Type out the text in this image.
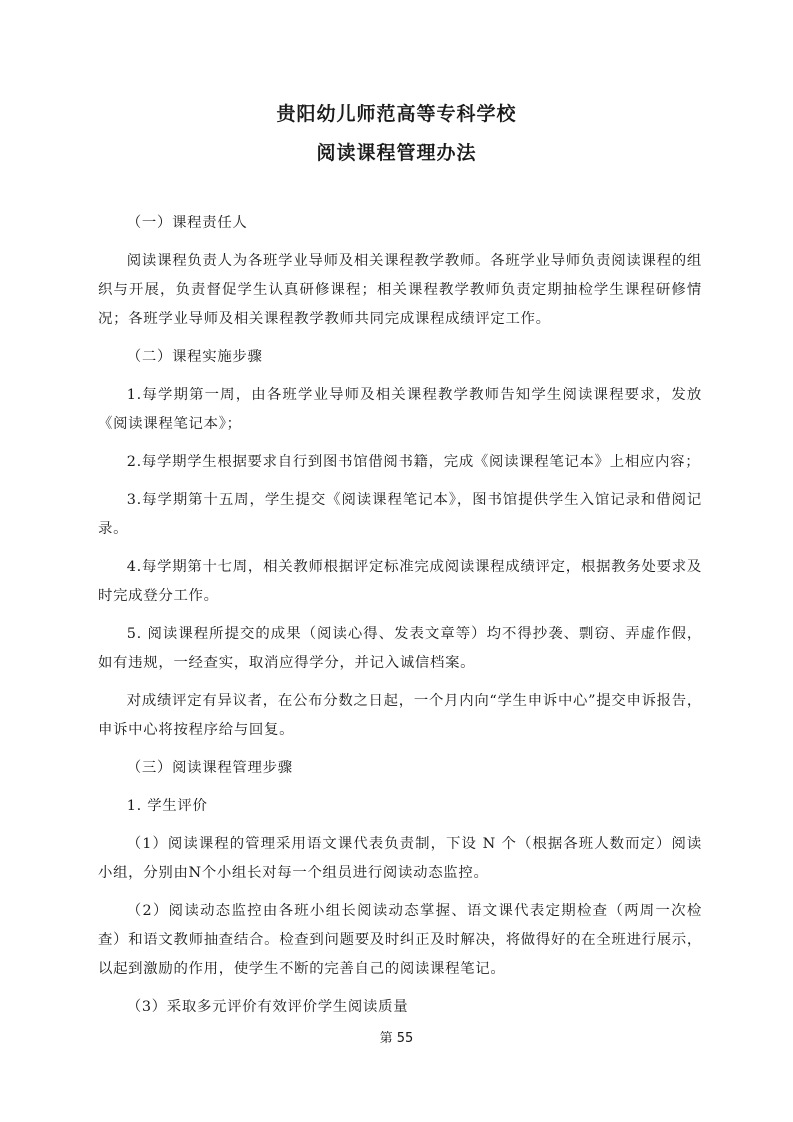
贵阳幼儿师范高等专科学校
阅读课程管理办法

（一）课程责任人

阅读课程负责人为各班学业导师及相关课程教学教师。各班学业导师负责阅读课程的组织与开展，负责督促学生认真研修课程；相关课程教学教师负责定期抽检学生课程研修情况；各班学业导师及相关课程教学教师共同完成课程成绩评定工作。

（二）课程实施步骤

1.每学期第一周，由各班学业导师及相关课程教学教师告知学生阅读课程要求，发放《阅读课程笔记本》；

2.每学期学生根据要求自行到图书馆借阅书籍，完成《阅读课程笔记本》上相应内容；

3.每学期第十五周，学生提交《阅读课程笔记本》，图书馆提供学生入馆记录和借阅记录。

4.每学期第十七周，相关教师根据评定标准完成阅读课程成绩评定，根据教务处要求及时完成登分工作。

5. 阅读课程所提交的成果（阅读心得、发表文章等）均不得抄袭、剽窃、弄虚作假，如有违规，一经查实，取消应得学分，并记入诚信档案。

对成绩评定有异议者，在公布分数之日起，一个月内向“学生申诉中心”提交申诉报告，申诉中心将按程序给与回复。

（三）阅读课程管理步骤

1. 学生评价

（1）阅读课程的管理采用语文课代表负责制，下设 N 个（根据各班人数而定）阅读小组，分别由N个小组长对每一个组员进行阅读动态监控。

（2）阅读动态监控由各班小组长阅读动态掌握、语文课代表定期检查（两周一次检查）和语文教师抽查结合。检查到问题要及时纠正及时解决，将做得好的在全班进行展示，以起到激励的作用，使学生不断的完善自己的阅读课程笔记。

（3）采取多元评价有效评价学生阅读质量

第 55
